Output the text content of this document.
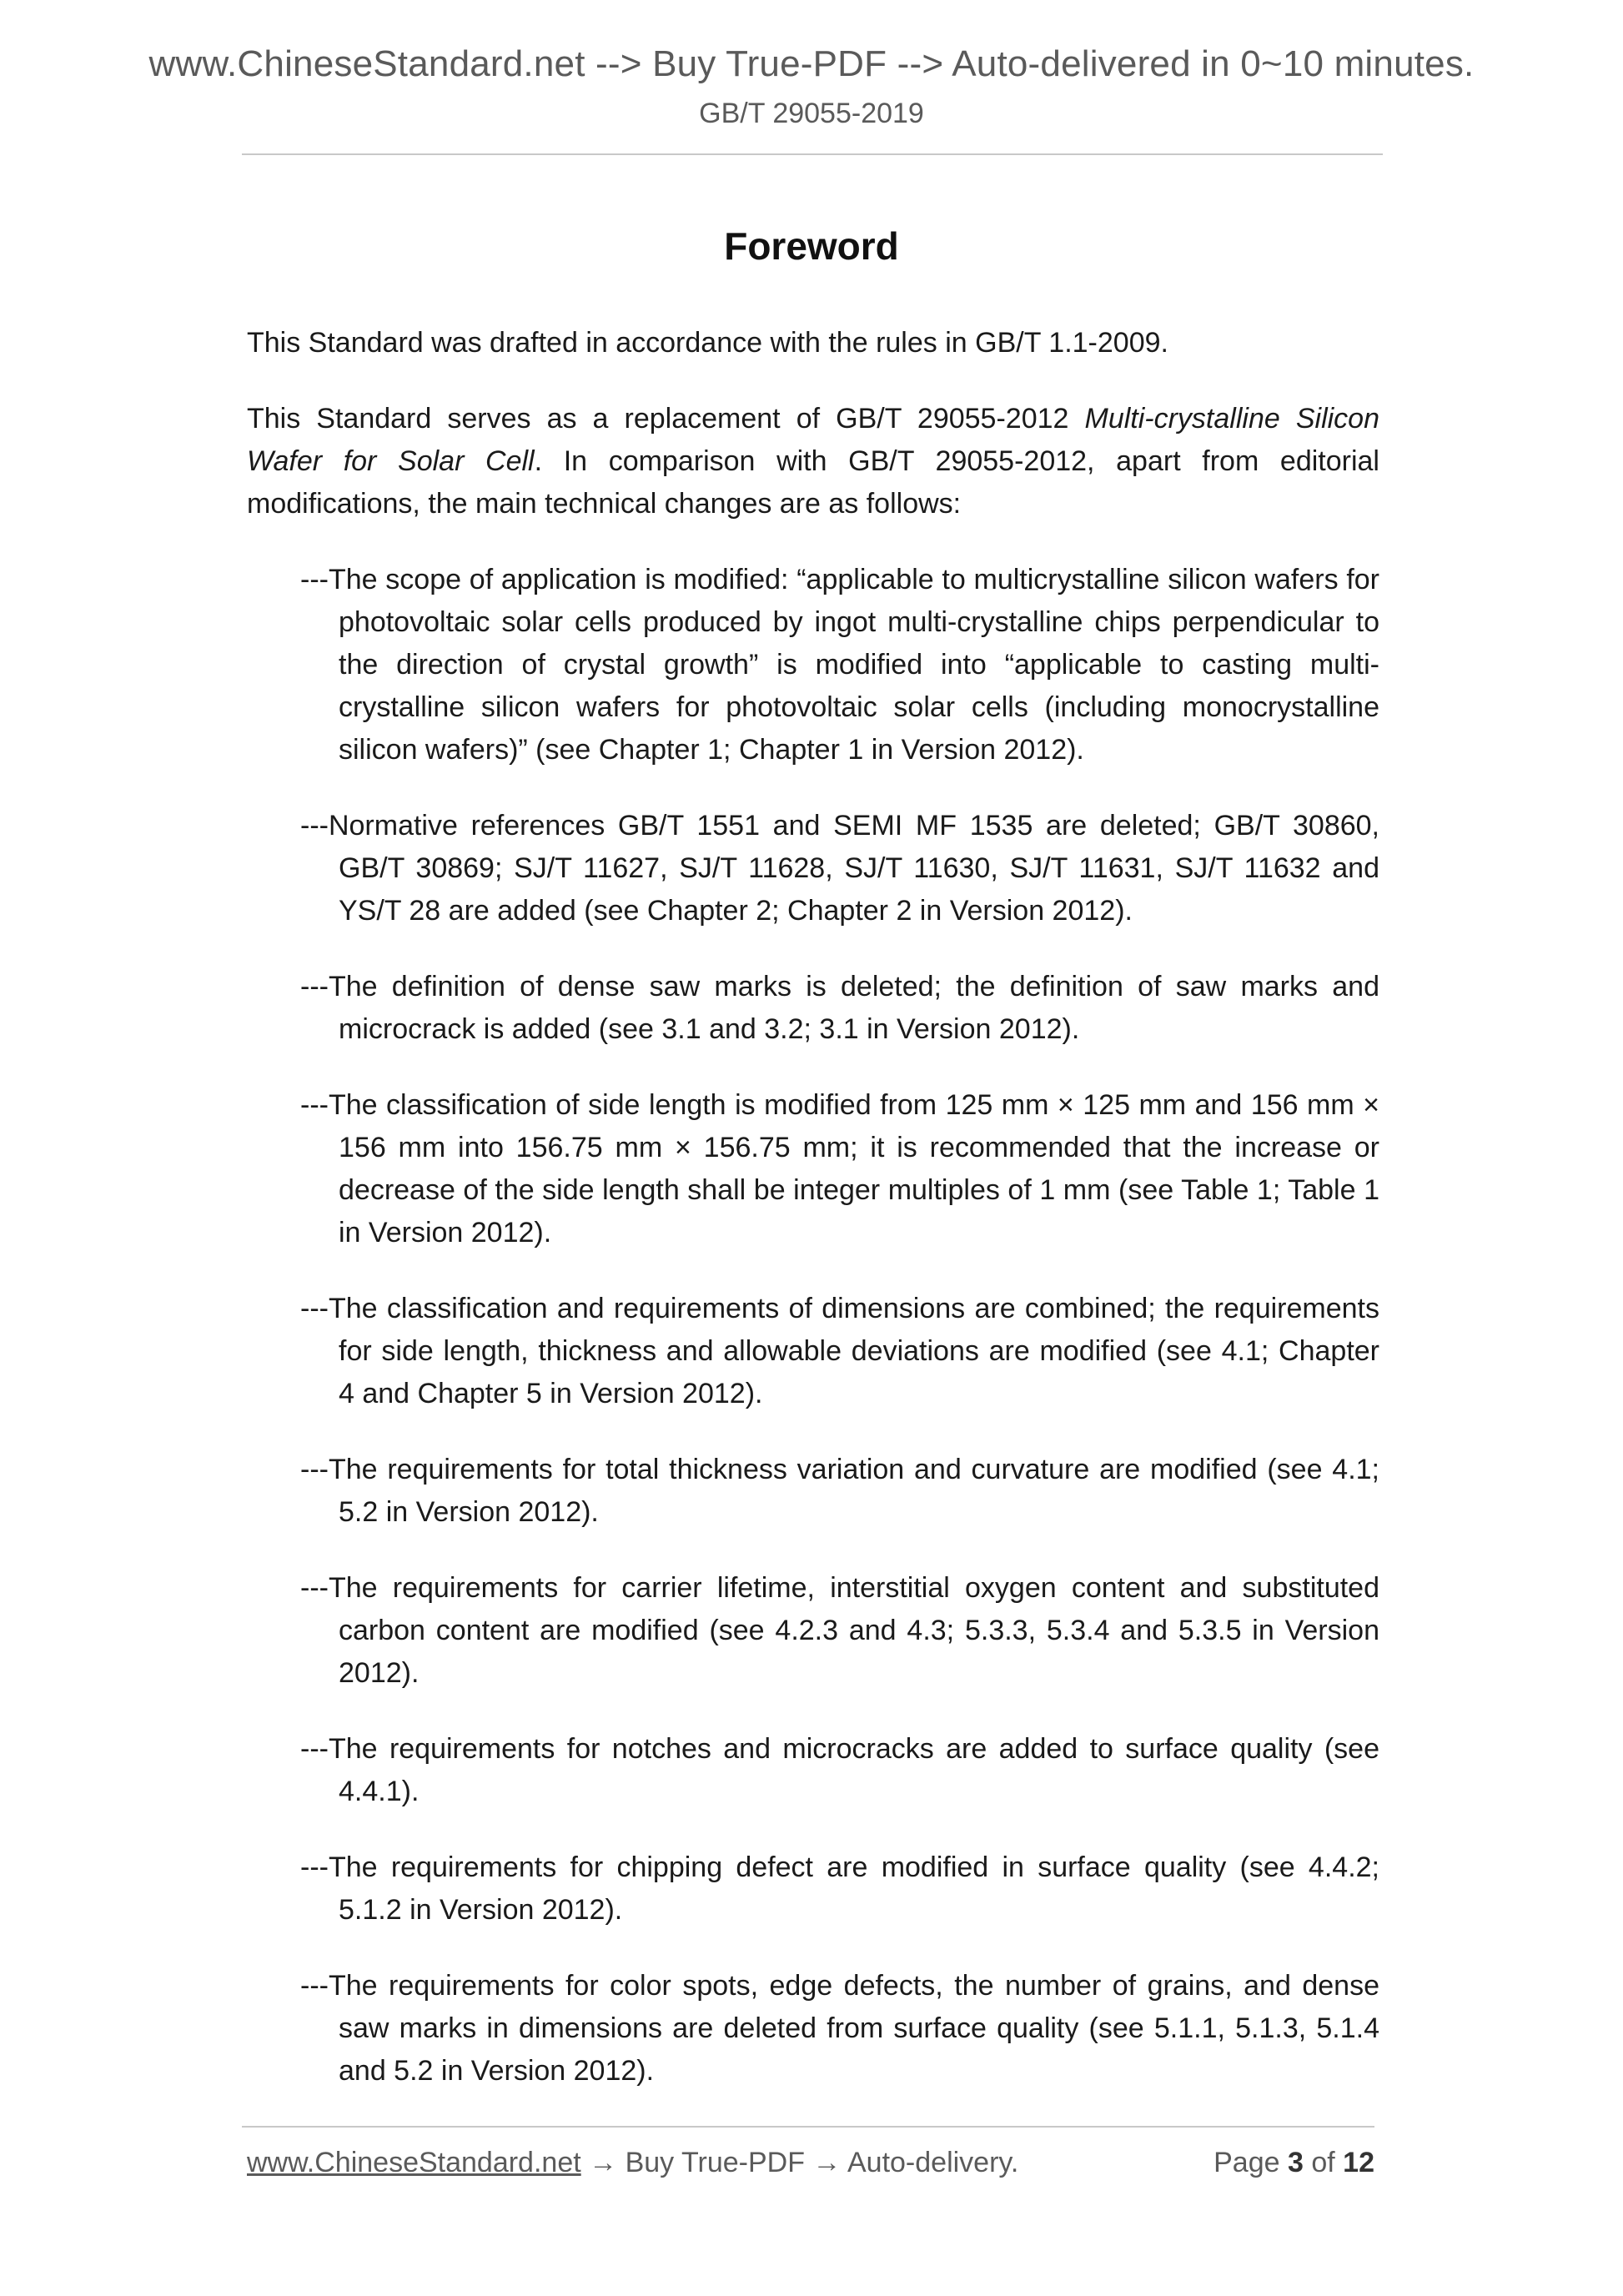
www.ChineseStandard.net --> Buy True-PDF --> Auto-delivered in 0~10 minutes.
GB/T 29055-2019
Foreword

This Standard was drafted in accordance with the rules in GB/T 1.1-2009.

This Standard serves as a replacement of GB/T 29055-2012 Multi-crystalline Silicon Wafer for Solar Cell. In comparison with GB/T 29055-2012, apart from editorial modifications, the main technical changes are as follows:

---The scope of application is modified: “applicable to multicrystalline silicon wafers for photovoltaic solar cells produced by ingot multi-crystalline chips perpendicular to the direction of crystal growth” is modified into “applicable to casting multi-crystalline silicon wafers for photovoltaic solar cells (including monocrystalline silicon wafers)” (see Chapter 1; Chapter 1 in Version 2012).
---Normative references GB/T 1551 and SEMI MF 1535 are deleted; GB/T 30860, GB/T 30869; SJ/T 11627, SJ/T 11628, SJ/T 11630, SJ/T 11631, SJ/T 11632 and YS/T 28 are added (see Chapter 2; Chapter 2 in Version 2012).
---The definition of dense saw marks is deleted; the definition of saw marks and microcrack is added (see 3.1 and 3.2; 3.1 in Version 2012).
---The classification of side length is modified from 125 mm × 125 mm and 156 mm × 156 mm into 156.75 mm × 156.75 mm; it is recommended that the increase or decrease of the side length shall be integer multiples of 1 mm (see Table 1; Table 1 in Version 2012).
---The classification and requirements of dimensions are combined; the requirements for side length, thickness and allowable deviations are modified (see 4.1; Chapter 4 and Chapter 5 in Version 2012).
---The requirements for total thickness variation and curvature are modified (see 4.1; 5.2 in Version 2012).
---The requirements for carrier lifetime, interstitial oxygen content and substituted carbon content are modified (see 4.2.3 and 4.3; 5.3.3, 5.3.4 and 5.3.5 in Version 2012).
---The requirements for notches and microcracks are added to surface quality (see 4.4.1).
---The requirements for chipping defect are modified in surface quality (see 4.4.2; 5.1.2 in Version 2012).
---The requirements for color spots, edge defects, the number of grains, and dense saw marks in dimensions are deleted from surface quality (see 5.1.1, 5.1.3, 5.1.4 and 5.2 in Version 2012).
www.ChineseStandard.net → Buy True-PDF → Auto-delivery.	Page 3 of 12
